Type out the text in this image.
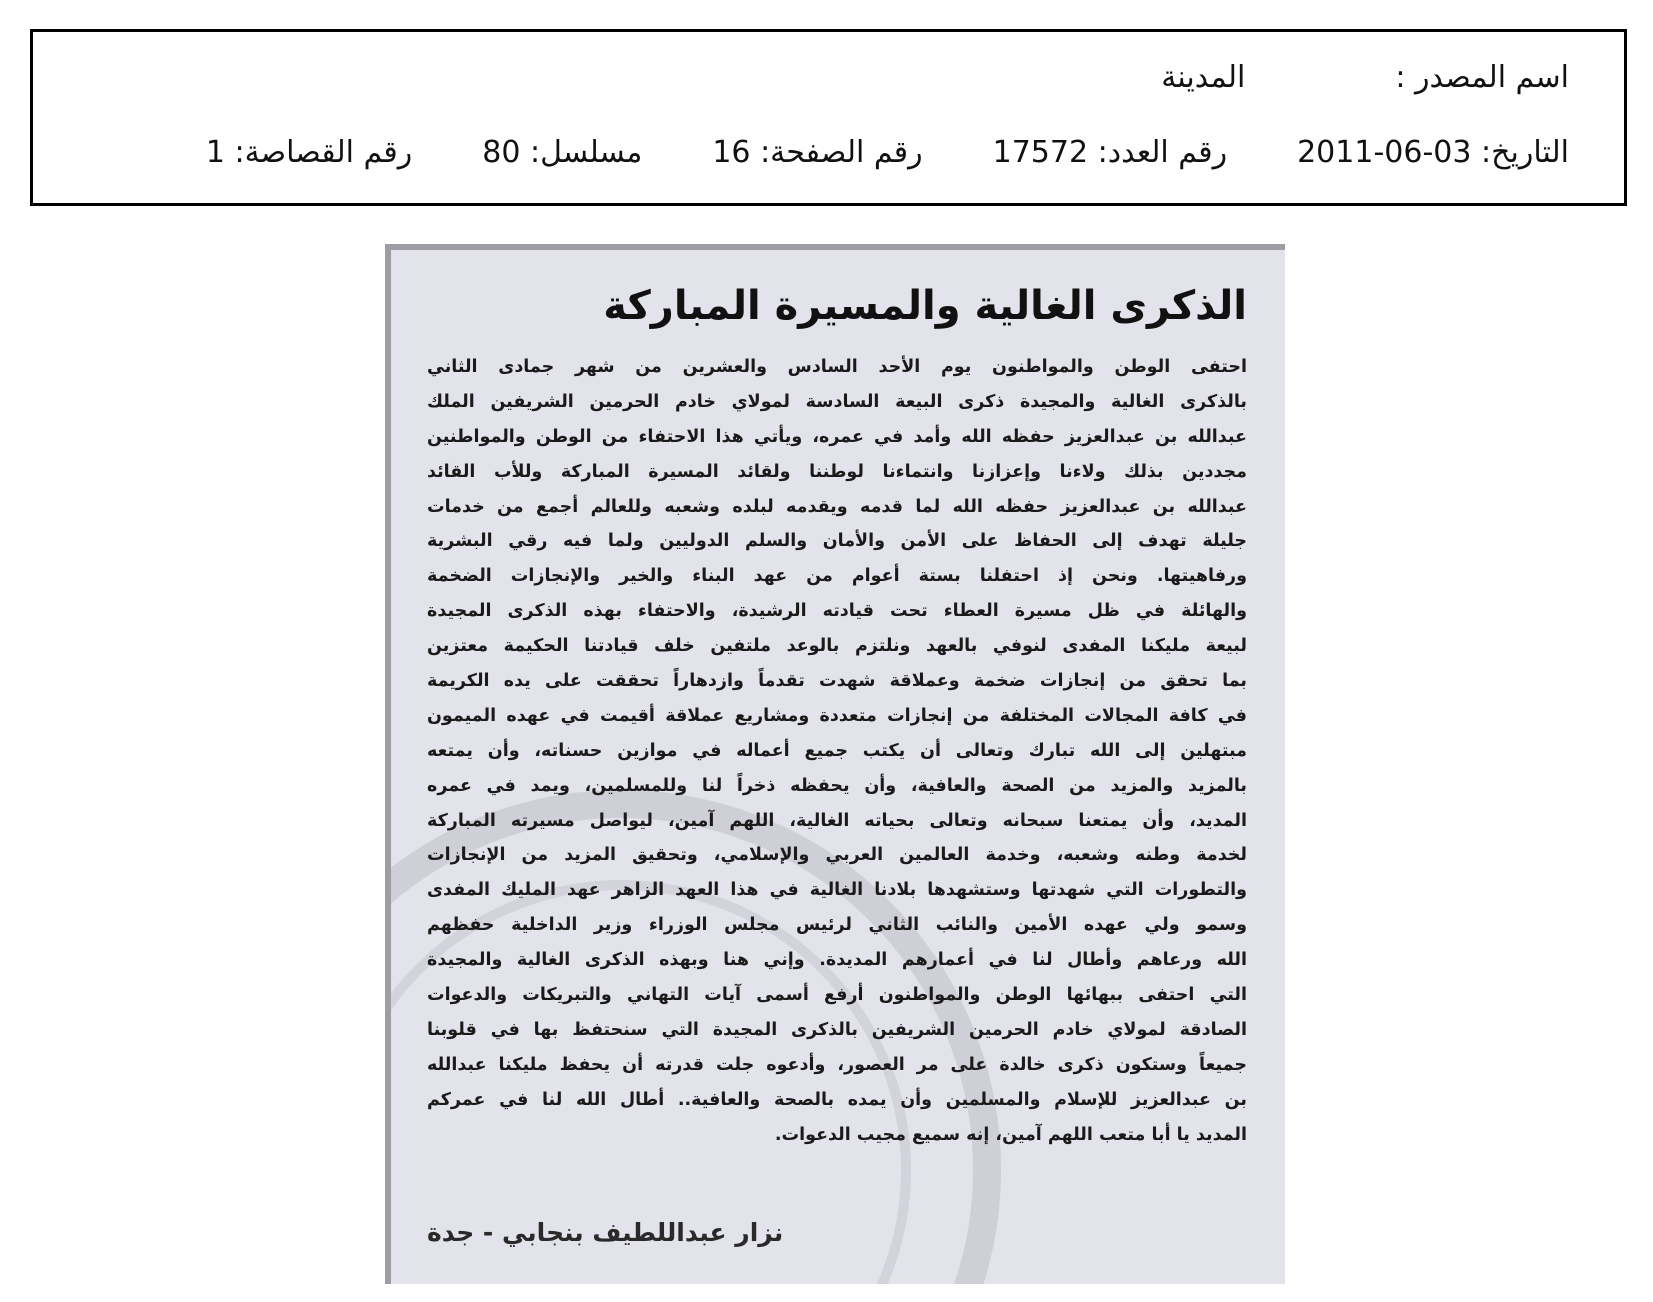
اسم المصدر :
المدينة
التاريخ: 03-06-2011
رقم العدد: 17572
رقم الصفحة: 16
مسلسل: 80
رقم القصاصة: 1
الذكرى الغالية والمسيرة المباركة
احتفى الوطن والمواطنون يوم الأحد السادس والعشرين من شهر جمادى الثاني
بالذكرى الغالية والمجيدة ذكرى البيعة السادسة لمولاي خادم الحرمين الشريفين الملك
عبدالله بن عبدالعزيز حفظه الله وأمد في عمره، ويأتي هذا الاحتفاء من الوطن والمواطنين
مجددين بذلك ولاءنا وإعزازنا وانتماءنا لوطننا ولقائد المسيرة المباركة وللأب القائد
عبدالله بن عبدالعزيز حفظه الله لما قدمه ويقدمه لبلده وشعبه وللعالم أجمع من خدمات
جليلة تهدف إلى الحفاظ على الأمن والأمان والسلم الدوليين ولما فيه رقي البشرية
ورفاهيتها. ونحن إذ احتفلنا بستة أعوام من عهد البناء والخير والإنجازات الضخمة
والهائلة في ظل مسيرة العطاء تحت قيادته الرشيدة، والاحتفاء بهذه الذكرى المجيدة
لبيعة مليكنا المفدى لنوفي بالعهد ونلتزم بالوعد ملتفين خلف قيادتنا الحكيمة معتزين
بما تحقق من إنجازات ضخمة وعملاقة شهدت تقدماً وازدهاراً تحققت على يده الكريمة
في كافة المجالات المختلفة من إنجازات متعددة ومشاريع عملاقة أقيمت في عهده الميمون
مبتهلين إلى الله تبارك وتعالى أن يكتب جميع أعماله في موازين حسناته، وأن يمتعه
بالمزيد والمزيد من الصحة والعافية، وأن يحفظه ذخراً لنا وللمسلمين، ويمد في عمره
المديد، وأن يمتعنا سبحانه وتعالى بحياته الغالية، اللهم آمين، ليواصل مسيرته المباركة
لخدمة وطنه وشعبه، وخدمة العالمين العربي والإسلامي، وتحقيق المزيد من الإنجازات
والتطورات التي شهدتها وستشهدها بلادنا الغالية في هذا العهد الزاهر عهد المليك المفدى
وسمو ولي عهده الأمين والنائب الثاني لرئيس مجلس الوزراء وزير الداخلية حفظهم
الله ورعاهم وأطال لنا في أعمارهم المديدة. وإني هنا وبهذه الذكرى الغالية والمجيدة
التي احتفى ببهائها الوطن والمواطنون أرفع أسمى آيات التهاني والتبريكات والدعوات
الصادقة لمولاي خادم الحرمين الشريفين بالذكرى المجيدة التي سنحتفظ بها في قلوبنا
جميعاً وستكون ذكرى خالدة على مر العصور، وأدعوه جلت قدرته أن يحفظ مليكنا عبدالله
بن عبدالعزيز للإسلام والمسلمين وأن يمده بالصحة والعافية.. أطال الله لنا في عمركم
المديد يا أبا متعب اللهم آمين، إنه سميع مجيب الدعوات.

نزار عبداللطيف بنجابي - جدة
